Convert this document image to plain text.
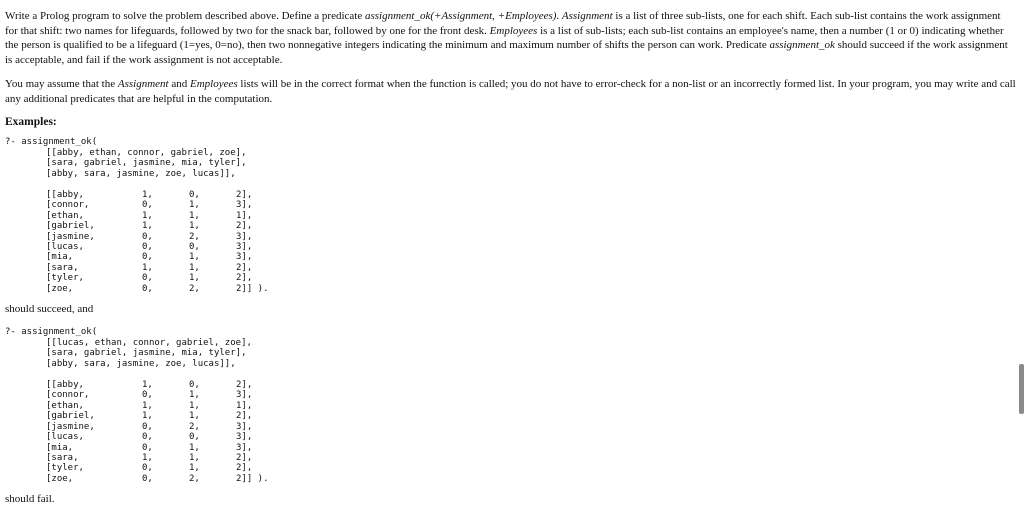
Write a Prolog program to solve the problem described above. Define a predicate assignment_ok(+Assignment, +Employees). Assignment is a list of three sub-lists, one for each shift. Each sub-list contains the work assignment for that shift: two names for lifeguards, followed by two for the snack bar, followed by one for the front desk. Employees is a list of sub-lists; each sub-list contains an employee's name, then a number (1 or 0) indicating whether the person is qualified to be a lifeguard (1=yes, 0=no), then two nonnegative integers indicating the minimum and maximum number of shifts the person can work. Predicate assignment_ok should succeed if the work assignment is acceptable, and fail if the work assignment is not acceptable.

You may assume that the Assignment and Employees lists will be in the correct format when the function is called; you do not have to error-check for a non-list or an incorrectly formed list. In your program, you may write and call any additional predicates that are helpful in the computation.

Examples:

?- assignment_ok(
[[abby, ethan, connor, gabriel, zoe],
[sara, gabriel, jasmine, mia, tyler],
[abby, sara, jasmine, zoe, lucas]],
[[abby,	1,	0,	2],
[connor,	0,	1,	3],
[ethan,	1,	1,	1],
[gabriel,	1,	1,	2],
[jasmine,	0,	2,	3],
[lucas,	0,	0,	3],
[mia,	0,	1,	3],
[sara,	1,	1,	2],
[tyler,	0,	1,	2],
[zoe,	0,	2,	2]] ).

should succeed, and

?- assignment_ok(
[[lucas, ethan, connor, gabriel, zoe],
[sara, gabriel, jasmine, mia, tyler],
[abby, sara, jasmine, zoe, lucas]],
[[abby,	1,	0,	2],
[connor,	0,	1,	3],
[ethan,	1,	1,	1],
[gabriel,	1,	1,	2],
[jasmine,	0,	2,	3],
[lucas,	0,	0,	3],
[mia,	0,	1,	3],
[sara,	1,	1,	2],
[tyler,	0,	1,	2],
[zoe,	0,	2,	2]] ).

should fail.
